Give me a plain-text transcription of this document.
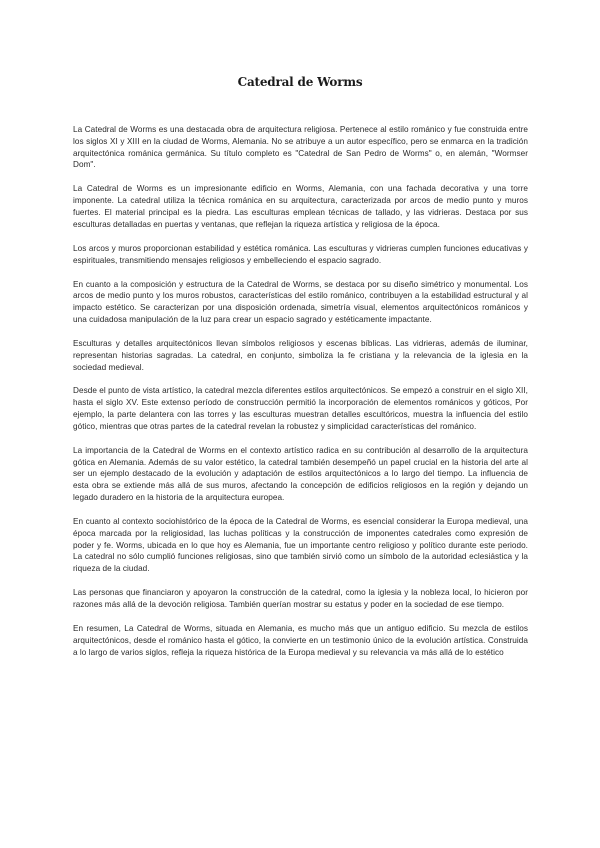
Catedral de Worms

La Catedral de Worms es una destacada obra de arquitectura religiosa. Pertenece al estilo románico y fue construida entre los siglos XI y XIII en la ciudad de Worms, Alemania. No se atribuye a un autor específico, pero se enmarca en la tradición arquitectónica románica germánica. Su título completo es "Catedral de San Pedro de Worms" o, en alemán, "Wormser Dom".

La Catedral de Worms es un impresionante edificio en Worms, Alemania, con una fachada decorativa y una torre imponente. La catedral utiliza la técnica románica en su arquitectura, caracterizada por arcos de medio punto y muros fuertes. El material principal es la piedra. Las esculturas emplean técnicas de tallado, y las vidrieras. Destaca por sus esculturas detalladas en puertas y ventanas, que reflejan la riqueza artística y religiosa de la época.

Los arcos y muros proporcionan estabilidad y estética románica. Las esculturas y vidrieras cumplen funciones educativas y espirituales, transmitiendo mensajes religiosos y embelleciendo el espacio sagrado.

En cuanto a la composición y estructura de la Catedral de Worms, se destaca por su diseño simétrico y monumental. Los arcos de medio punto y los muros robustos, características del estilo románico, contribuyen a la estabilidad estructural y al impacto estético. Se caracterizan por una disposición ordenada, simetría visual, elementos arquitectónicos románicos y una cuidadosa manipulación de la luz para crear un espacio sagrado y estéticamente impactante.

Esculturas y detalles arquitectónicos llevan símbolos religiosos y escenas bíblicas. Las vidrieras, además de iluminar, representan historias sagradas. La catedral, en conjunto, simboliza la fe cristiana y la relevancia de la iglesia en la sociedad medieval.

Desde el punto de vista artístico, la catedral mezcla diferentes estilos arquitectónicos. Se empezó a construir en el siglo XII, hasta el siglo XV. Este extenso período de construcción permitió la incorporación de elementos románicos y góticos, Por ejemplo, la parte delantera con las torres y las esculturas muestran detalles escultóricos, muestra la influencia del estilo gótico, mientras que otras partes de la catedral revelan la robustez y simplicidad características del románico.

La importancia de la Catedral de Worms en el contexto artístico radica en su contribución al desarrollo de la arquitectura gótica en Alemania. Además de su valor estético, la catedral también desempeñó un papel crucial en la historia del arte al ser un ejemplo destacado de la evolución y adaptación de estilos arquitectónicos a lo largo del tiempo. La influencia de esta obra se extiende más allá de sus muros, afectando la concepción de edificios religiosos en la región y dejando un legado duradero en la historia de la arquitectura europea.

En cuanto al contexto sociohistórico de la época de la Catedral de Worms, es esencial considerar la Europa medieval, una época marcada por la religiosidad, las luchas políticas y la construcción de imponentes catedrales como expresión de poder y fe. Worms, ubicada en lo que hoy es Alemania, fue un importante centro religioso y político durante este periodo. La catedral no sólo cumplió funciones religiosas, sino que también sirvió como un símbolo de la autoridad eclesiástica y la riqueza de la ciudad.

Las personas que financiaron y apoyaron la construcción de la catedral, como la iglesia y la nobleza local, lo hicieron por razones más allá de la devoción religiosa. También querían mostrar su estatus y poder en la sociedad de ese tiempo.

En resumen, La Catedral de Worms, situada en Alemania, es mucho más que un antiguo edificio. Su mezcla de estilos arquitectónicos, desde el románico hasta el gótico, la convierte en un testimonio único de la evolución artística. Construida a lo largo de varios siglos, refleja la riqueza histórica de la Europa medieval y su relevancia va más allá de lo estético
